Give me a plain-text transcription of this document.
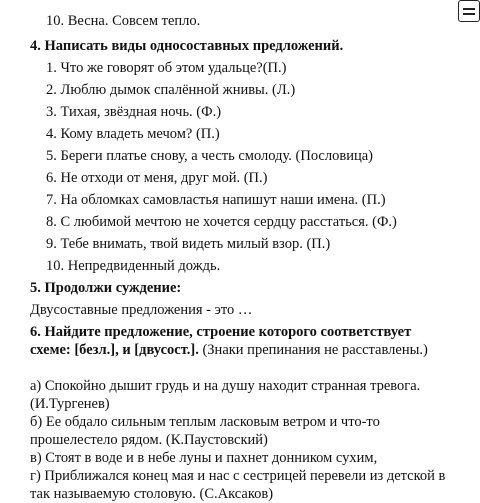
10. Весна. Совсем тепло.
4. Написать виды односоставных предложений.
1. Что же говорят об этом удальце?(П.)
2. Люблю дымок спалённой жнивы. (Л.)
3. Тихая, звёздная ночь. (Ф.)
4. Кому владеть мечом? (П.)
5. Береги платье снову, а честь смолоду. (Пословица)
6. Не отходи от меня, друг мой. (П.)
7. На обломках самовластья напишут наши имена. (П.)
8. С любимой мечтою не хочется сердцу расстаться. (Ф.)
9. Тебе внимать, твой видеть милый взор. (П.)
10. Непредвиденный дождь.
5. Продолжи суждение:
Двусоставные предложения - это …
6. Найдите предложение, строение которого соответствует
схеме: [безл.], и [двусост.]. (Знаки препинания не расставлены.)
а) Спокойно дышит грудь и на душу находит странная тревога.
(И.Тургенев)
б) Ее обдало сильным теплым ласковым ветром и что-то
прошелестело рядом. (К.Паустовский)
в) Стоят в воде и в небе луны и пахнет донником сухим,
г) Приближался конец мая и нас с сестрицей перевели из детской в
так называемую столовую. (С.Аксаков)
